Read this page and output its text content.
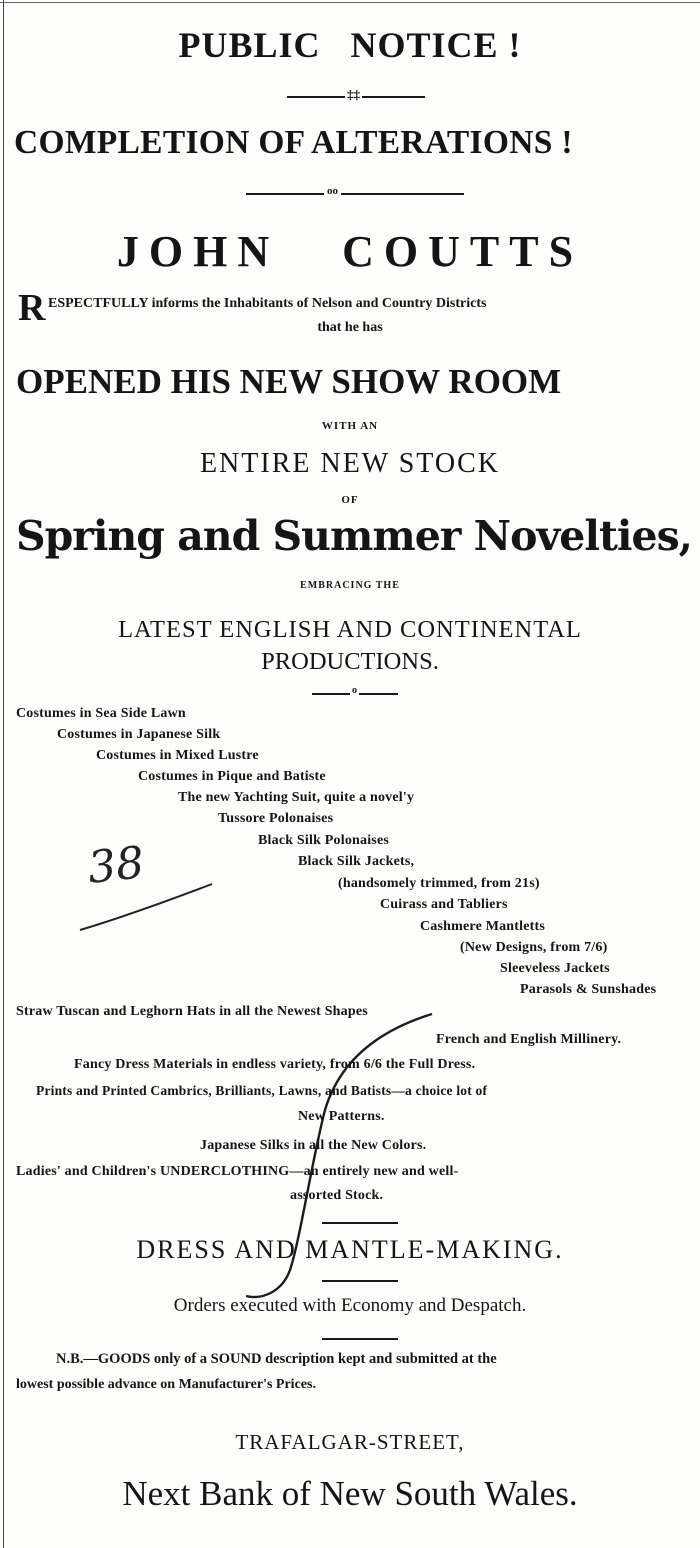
PUBLIC   NOTICE !
‡‡
COMPLETION OF ALTERATIONS !
oo
JOHN   COUTTS
R ESPECTFULLY informs the Inhabitants of Nelson and Country Districts
that he has
OPENED HIS NEW SHOW ROOM
WITH AN
ENTIRE NEW STOCK
OF
Spring and Summer Novelties,
EMBRACING THE
LATEST ENGLISH AND CONTINENTAL
PRODUCTIONS.
o
Costumes in Sea Side Lawn
Costumes in Japanese Silk
Costumes in Mixed Lustre
Costumes in Pique and Batiste
The new Yachting Suit, quite a novel'y
Tussore Polonaises
Black Silk Polonaises
Black Silk Jackets,
(handsomely trimmed, from 21s)
Cuirass and Tabliers
Cashmere Mantletts
(New Designs, from 7/6)
Sleeveless Jackets
Parasols & Sunshades
38
Straw Tuscan and Leghorn Hats in all the Newest Shapes
French and English Millinery.
Fancy Dress Materials in endless variety, from 6/6 the Full Dress.
Prints and Printed Cambrics, Brilliants, Lawns, and Batists—a choice lot of
New Patterns.
Japanese Silks in all the New Colors.
Ladies' and Children's UNDERCLOTHING—an entirely new and well-
assorted Stock.
DRESS AND MANTLE-MAKING.
Orders executed with Economy and Despatch.
N.B.—GOODS only of a SOUND description kept and submitted at the
lowest possible advance on Manufacturer's Prices.
TRAFALGAR-STREET,
Next Bank of New South Wales.
